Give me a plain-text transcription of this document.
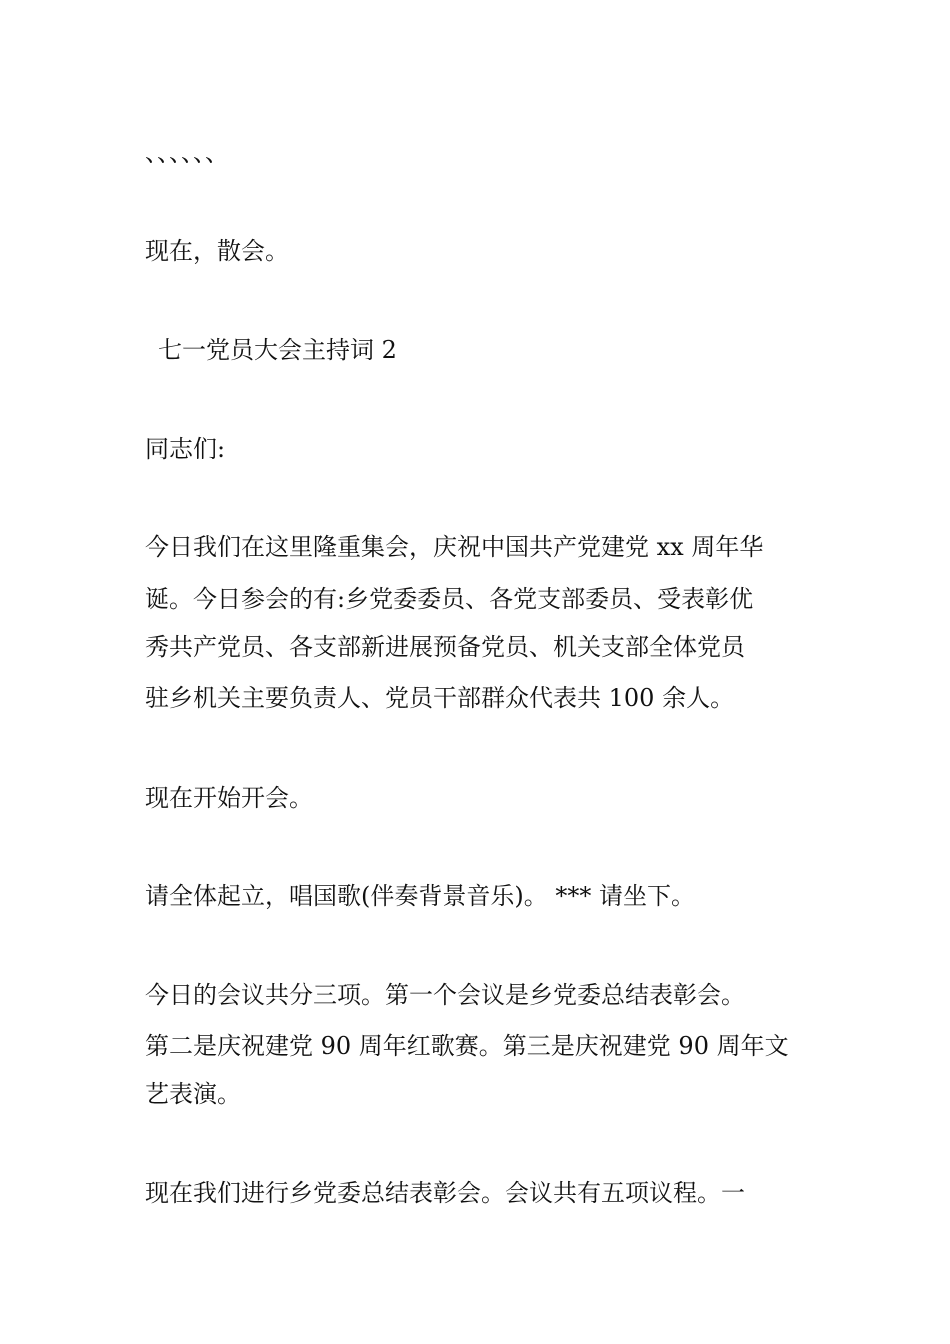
、、、、、、
现在，散会。
七一党员大会主持词 2
同志们:
今日我们在这里隆重集会，庆祝中国共产党建党 xx 周年华
诞。今日参会的有:乡党委委员、各党支部委员、受表彰优
秀共产党员、各支部新进展预备党员、机关支部全体党员
驻乡机关主要负责人、党员干部群众代表共 100 余人。
现在开始开会。
请全体起立，唱国歌(伴奏背景音乐)。 *** 请坐下。
今日的会议共分三项。第一个会议是乡党委总结表彰会。
第二是庆祝建党 90 周年红歌赛。第三是庆祝建党 90 周年文
艺表演。
现在我们进行乡党委总结表彰会。会议共有五项议程。一
